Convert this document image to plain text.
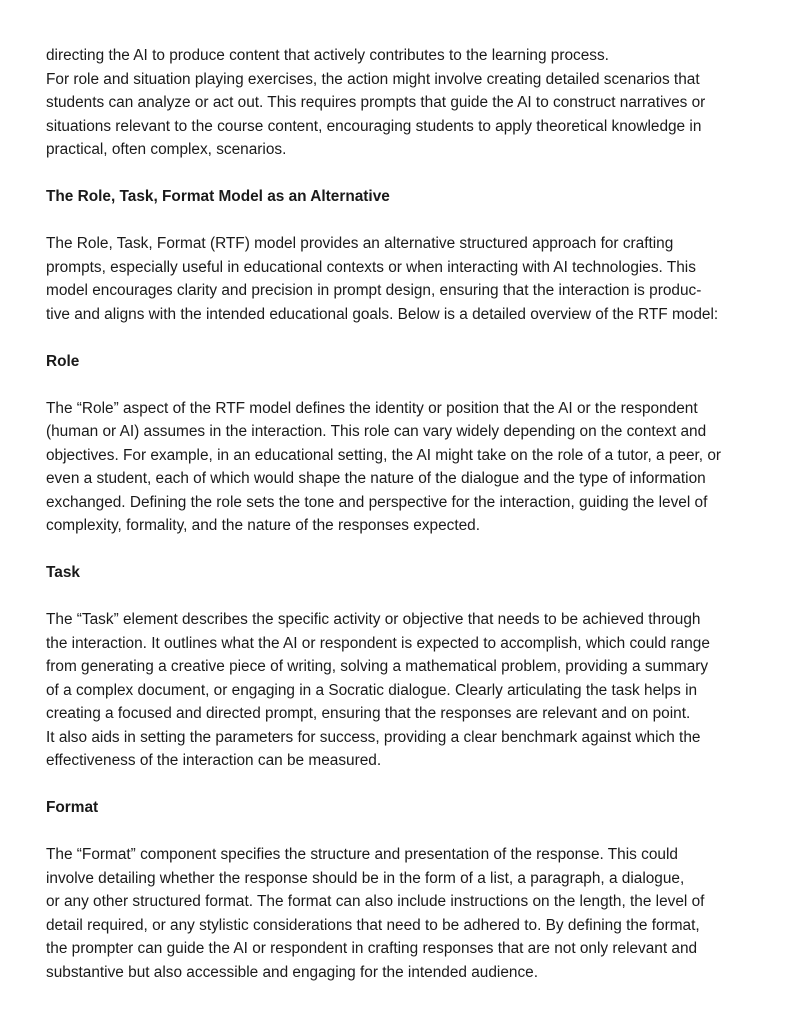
directing the AI to produce content that actively contributes to the learning process.
For role and situation playing exercises, the action might involve creating detailed scenarios that
students can analyze or act out. This requires prompts that guide the AI to construct narratives or
situations relevant to the course content, encouraging students to apply theoretical knowledge in
practical, often complex, scenarios.
The Role, Task, Format Model as an Alternative
The Role, Task, Format (RTF) model provides an alternative structured approach for crafting
prompts, especially useful in educational contexts or when interacting with AI technologies. This
model encourages clarity and precision in prompt design, ensuring that the interaction is produc-
tive and aligns with the intended educational goals. Below is a detailed overview of the RTF model:
Role
The “Role” aspect of the RTF model defines the identity or position that the AI or the respondent
(human or AI) assumes in the interaction. This role can vary widely depending on the context and
objectives. For example, in an educational setting, the AI might take on the role of a tutor, a peer, or
even a student, each of which would shape the nature of the dialogue and the type of information
exchanged. Defining the role sets the tone and perspective for the interaction, guiding the level of
complexity, formality, and the nature of the responses expected.
Task
The “Task” element describes the specific activity or objective that needs to be achieved through
the interaction. It outlines what the AI or respondent is expected to accomplish, which could range
from generating a creative piece of writing, solving a mathematical problem, providing a summary
of a complex document, or engaging in a Socratic dialogue. Clearly articulating the task helps in
creating a focused and directed prompt, ensuring that the responses are relevant and on point.
It also aids in setting the parameters for success, providing a clear benchmark against which the
effectiveness of the interaction can be measured.
Format
The “Format” component specifies the structure and presentation of the response. This could
involve detailing whether the response should be in the form of a list, a paragraph, a dialogue,
or any other structured format. The format can also include instructions on the length, the level of
detail required, or any stylistic considerations that need to be adhered to. By defining the format,
the prompter can guide the AI or respondent in crafting responses that are not only relevant and
substantive but also accessible and engaging for the intended audience.
